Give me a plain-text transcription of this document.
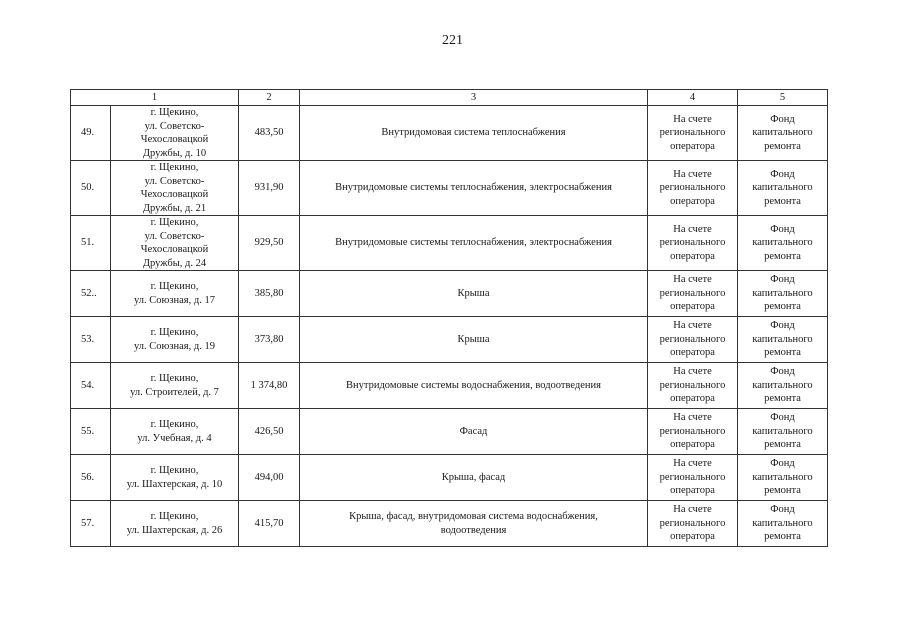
221
1		2	3	4	5
49.	г. Щекино,
ул. Советско-
Чехословацкой
Дружбы, д. 10	483,50	Внутридомовая система теплоснабжения	На счете
регионального
оператора	Фонд
капитального
ремонта
50.	г. Щекино,
ул. Советско-
Чехословацкой
Дружбы, д. 21	931,90	Внутридомовые системы теплоснабжения, электроснабжения	На счете
регионального
оператора	Фонд
капитального
ремонта
51.	г. Щекино,
ул. Советско-
Чехословацкой
Дружбы, д. 24	929,50	Внутридомовые системы теплоснабжения, электроснабжения	На счете
регионального
оператора	Фонд
капитального
ремонта
52..	г. Щекино,
ул. Союзная, д. 17	385,80	Крыша	На счете
регионального
оператора	Фонд
капитального
ремонта
53.	г. Щекино,
ул. Союзная, д. 19	373,80	Крыша	На счете
регионального
оператора	Фонд
капитального
ремонта
54.	г. Щекино,
ул. Строителей, д. 7	1 374,80	Внутридомовые системы водоснабжения, водоотведения	На счете
регионального
оператора	Фонд
капитального
ремонта
55.	г. Щекино,
ул. Учебная, д. 4	426,50	Фасад	На счете
регионального
оператора	Фонд
капитального
ремонта
56.	г. Щекино,
ул. Шахтерская, д. 10	494,00	Крыша, фасад	На счете
регионального
оператора	Фонд
капитального
ремонта
57.	г. Щекино,
ул. Шахтерская, д. 26	415,70	Крыша, фасад, внутридомовая система водоснабжения,
водоотведения	На счете
регионального
оператора	Фонд
капитального
ремонта
